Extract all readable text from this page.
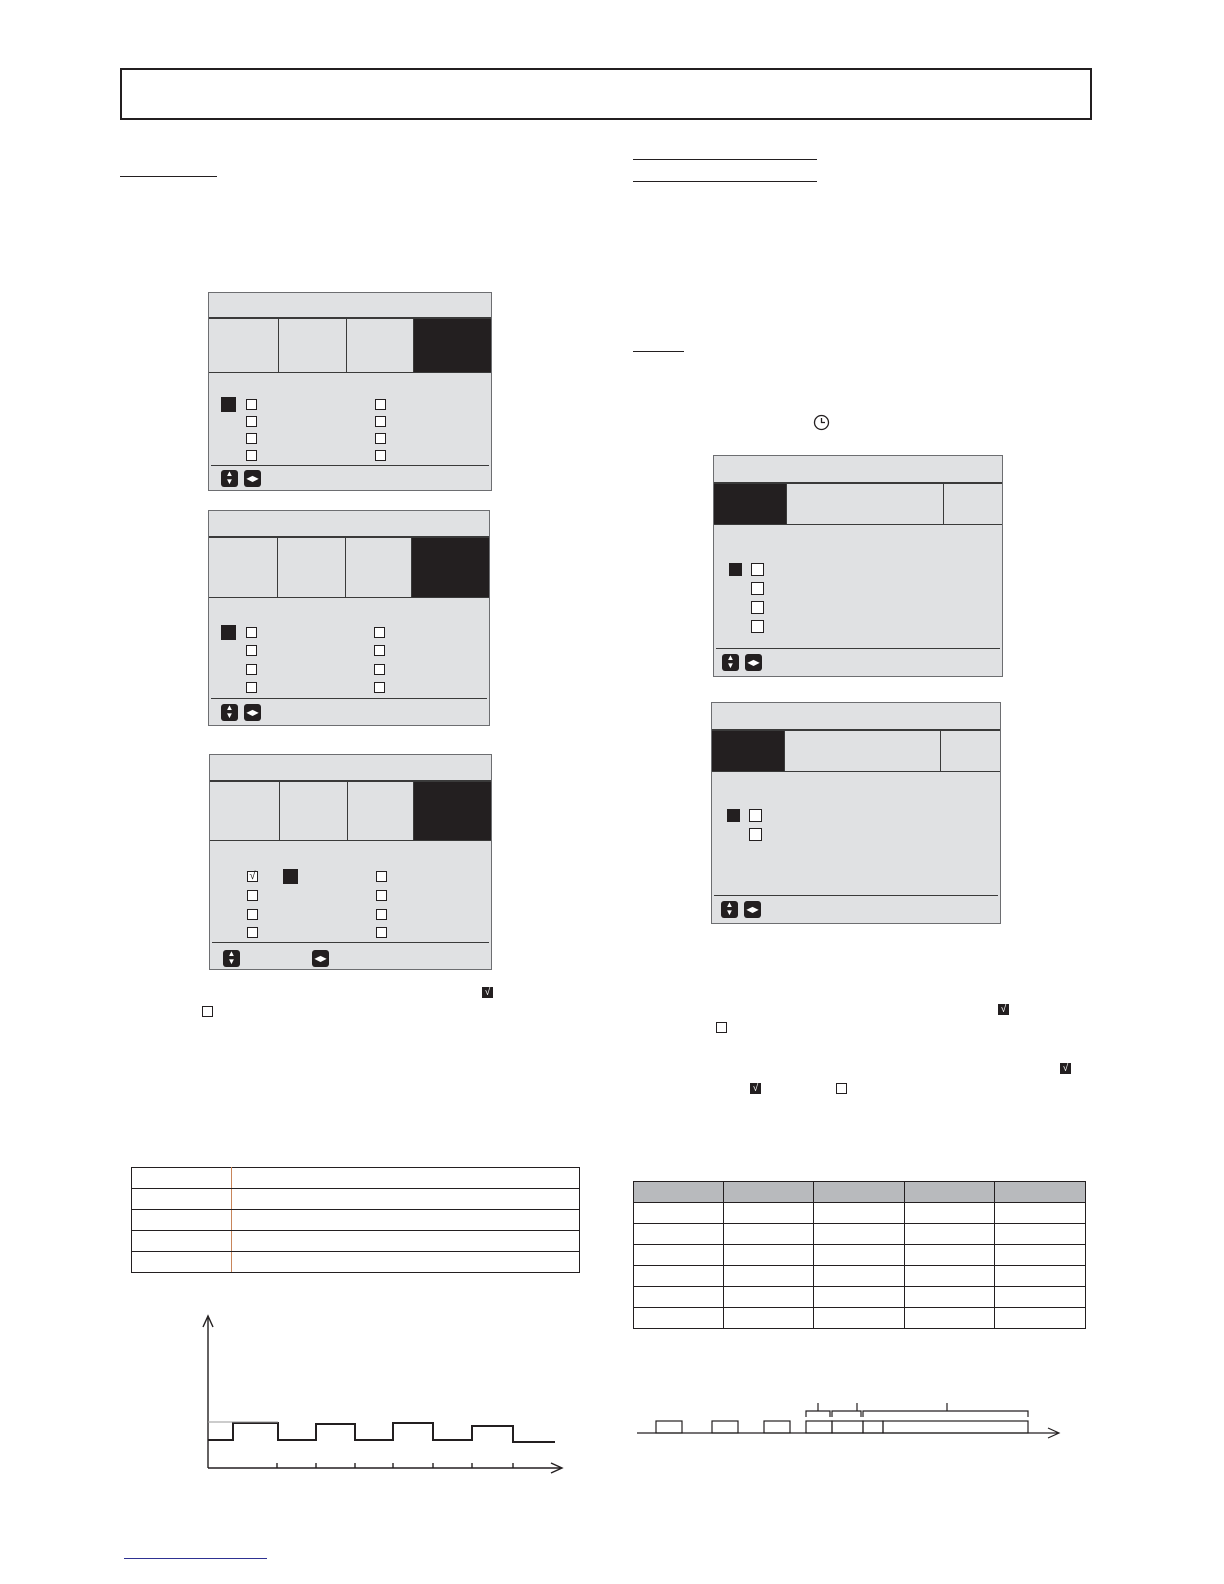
▲
▼	◀▶
▲
▼	◀▶
√
▲
▼	◀▶
√
▲
▼	◀▶
▲
▼	◀▶
√
√
√
